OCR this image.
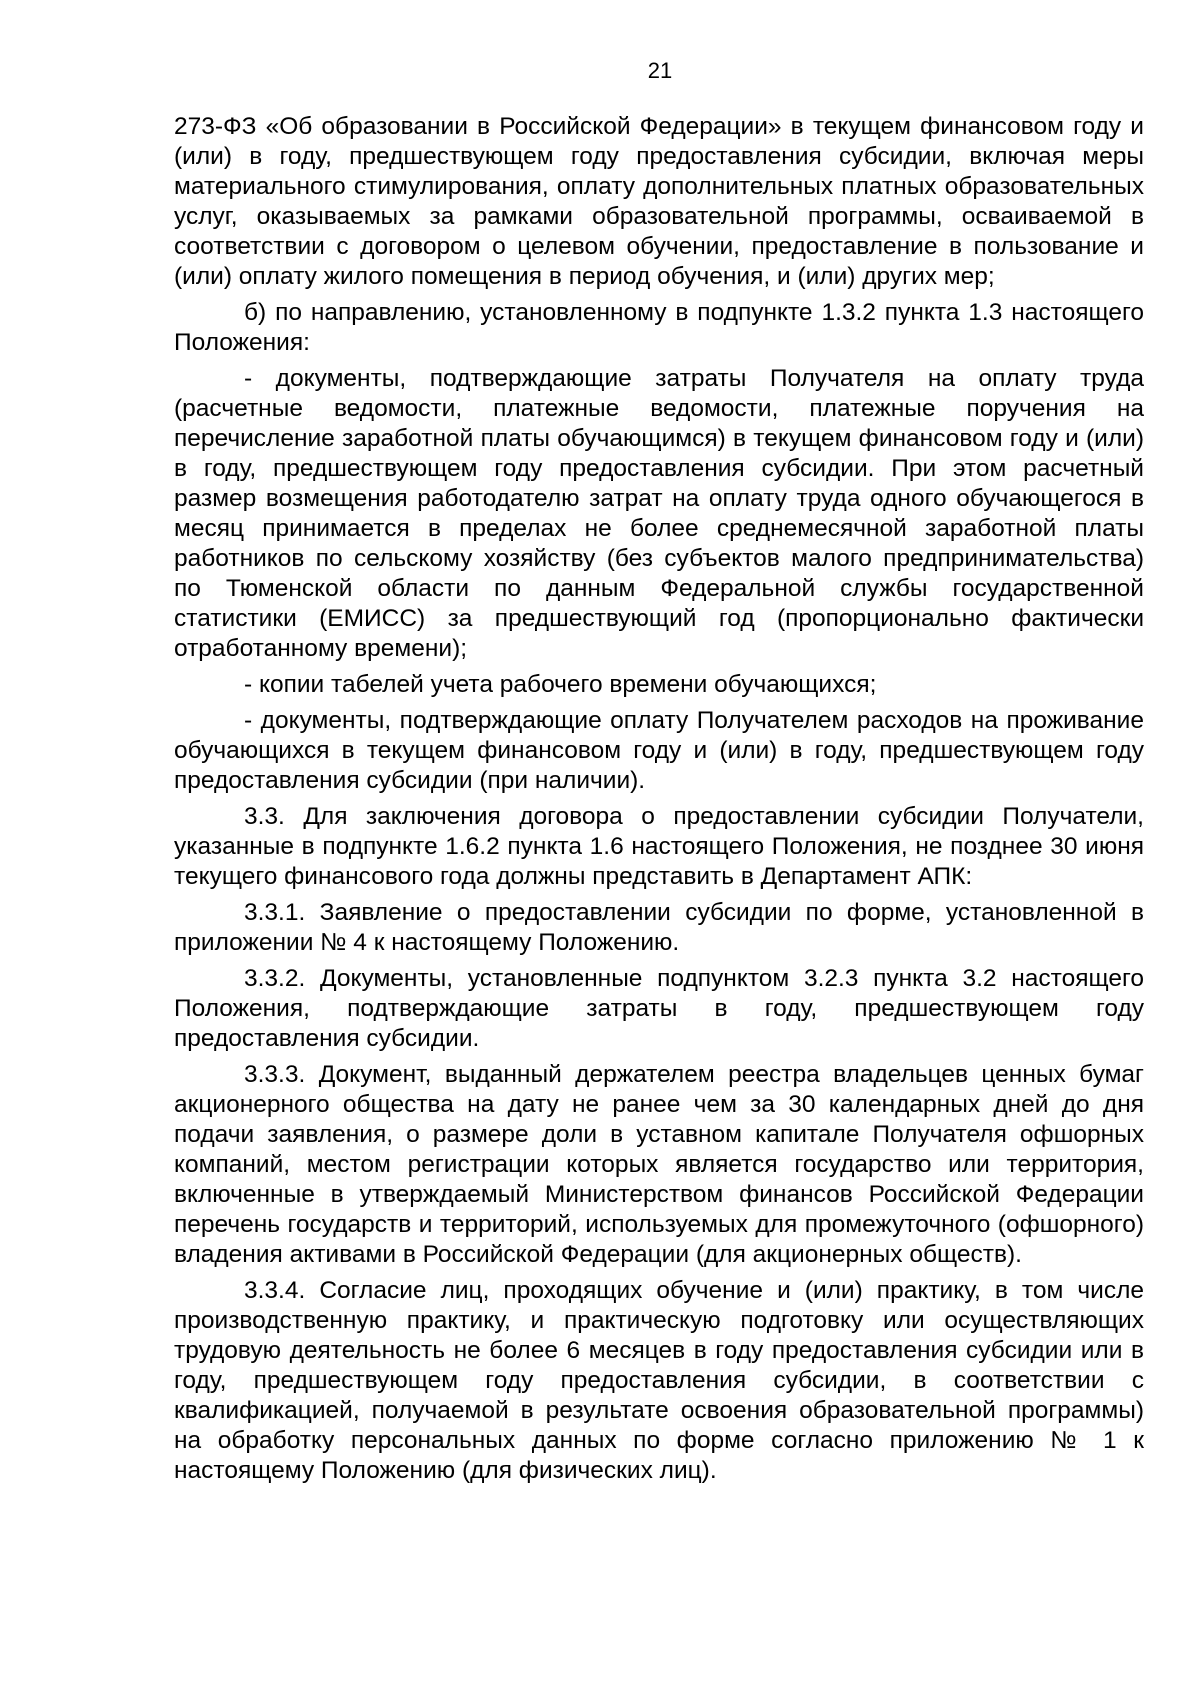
21

273-ФЗ «Об образовании в Российской Федерации» в текущем финансовом году и (или) в году, предшествующем году предоставления субсидии, включая меры материального стимулирования, оплату дополнительных платных образовательных услуг, оказываемых за рамками образовательной программы, осваиваемой в соответствии с договором о целевом обучении, предоставление в пользование и (или) оплату жилого помещения в период обучения, и (или) других мер;

б) по направлению, установленному в подпункте 1.3.2 пункта 1.3 настоящего Положения:

- документы, подтверждающие затраты Получателя на оплату труда (расчетные ведомости, платежные ведомости, платежные поручения на перечисление заработной платы обучающимся) в текущем финансовом году и (или) в году, предшествующем году предоставления субсидии. При этом расчетный размер возмещения работодателю затрат на оплату труда одного обучающегося в месяц принимается в пределах не более среднемесячной заработной платы работников по сельскому хозяйству (без субъектов малого предпринимательства) по Тюменской области по данным Федеральной службы государственной статистики (ЕМИСС) за предшествующий год (пропорционально фактически отработанному времени);

- копии табелей учета рабочего времени обучающихся;

- документы, подтверждающие оплату Получателем расходов на проживание обучающихся в текущем финансовом году и (или) в году, предшествующем году предоставления субсидии (при наличии).

3.3. Для заключения договора о предоставлении субсидии Получатели, указанные в подпункте 1.6.2 пункта 1.6 настоящего Положения, не позднее 30 июня текущего финансового года должны представить в Департамент АПК:

3.3.1. Заявление о предоставлении субсидии по форме, установленной в приложении № 4 к настоящему Положению.

3.3.2. Документы, установленные подпунктом 3.2.3 пункта 3.2 настоящего Положения, подтверждающие затраты в году, предшествующем году предоставления субсидии.

3.3.3. Документ, выданный держателем реестра владельцев ценных бумаг акционерного общества на дату не ранее чем за 30 календарных дней до дня подачи заявления, о размере доли в уставном капитале Получателя офшорных компаний, местом регистрации которых является государство или территория, включенные в утверждаемый Министерством финансов Российской Федерации перечень государств и территорий, используемых для промежуточного (офшорного) владения активами в Российской Федерации (для акционерных обществ).

3.3.4. Согласие лиц, проходящих обучение и (или) практику, в том числе производственную практику, и практическую подготовку или осуществляющих трудовую деятельность не более 6 месяцев в году предоставления субсидии или в году, предшествующем году предоставления субсидии, в соответствии с квалификацией, получаемой в результате освоения образовательной программы) на обработку персональных данных по форме согласно приложению № 1 к настоящему Положению (для физических лиц).
